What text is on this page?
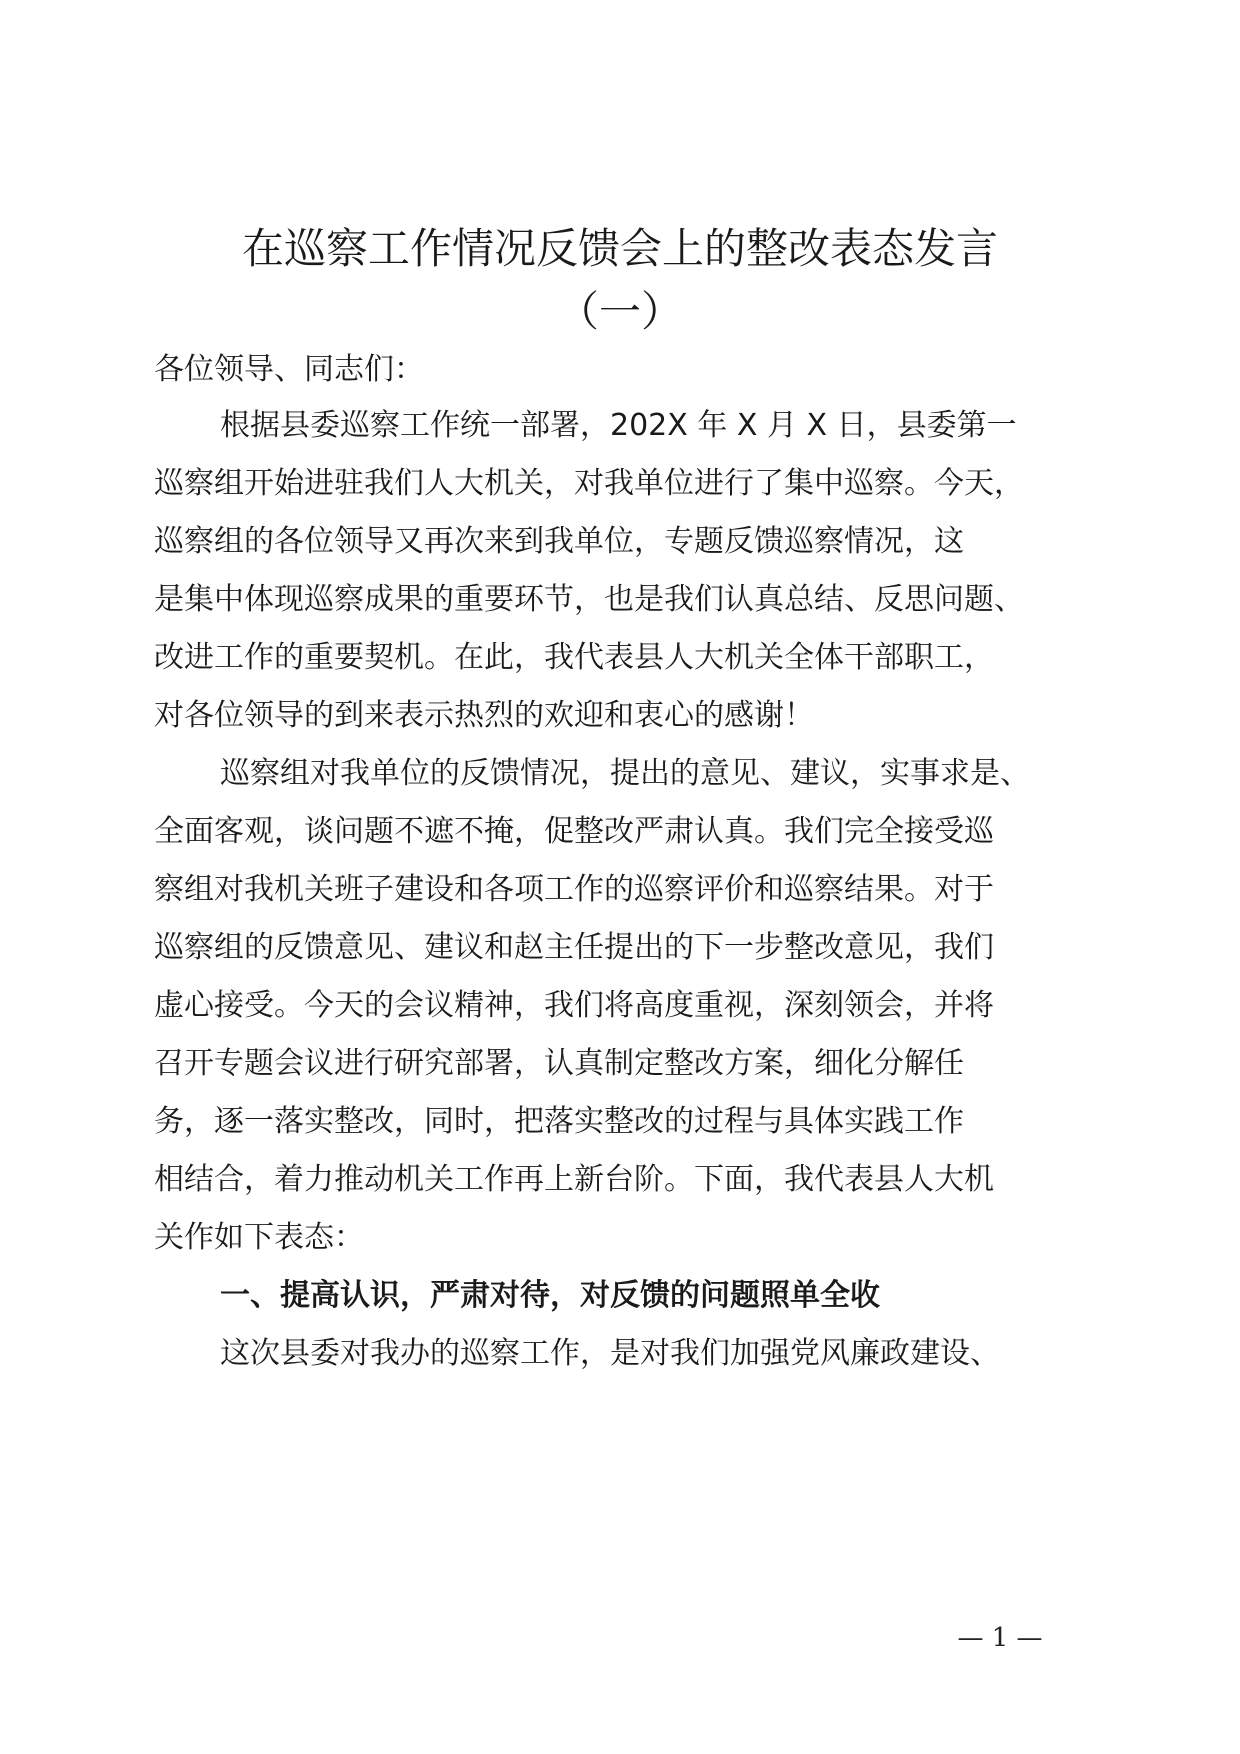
在巡察工作情况反馈会上的整改表态发言
（一）
各位领导、同志们：
根据县委巡察工作统一部署，202X 年 X 月 X 日，县委第一
巡察组开始进驻我们人大机关，对我单位进行了集中巡察。今天，
巡察组的各位领导又再次来到我单位，专题反馈巡察情况，这
是集中体现巡察成果的重要环节，也是我们认真总结、反思问题、
改进工作的重要契机。在此，我代表县人大机关全体干部职工，
对各位领导的到来表示热烈的欢迎和衷心的感谢！
巡察组对我单位的反馈情况，提出的意见、建议，实事求是、
全面客观，谈问题不遮不掩，促整改严肃认真。我们完全接受巡
察组对我机关班子建设和各项工作的巡察评价和巡察结果。对于
巡察组的反馈意见、建议和赵主任提出的下一步整改意见，我们
虚心接受。今天的会议精神，我们将高度重视，深刻领会，并将
召开专题会议进行研究部署，认真制定整改方案，细化分解任
务，逐一落实整改，同时，把落实整改的过程与具体实践工作
相结合，着力推动机关工作再上新台阶。下面，我代表县人大机
关作如下表态：
一、提高认识，严肃对待，对反馈的问题照单全收
这次县委对我办的巡察工作，是对我们加强党风廉政建设、
— 1 —
